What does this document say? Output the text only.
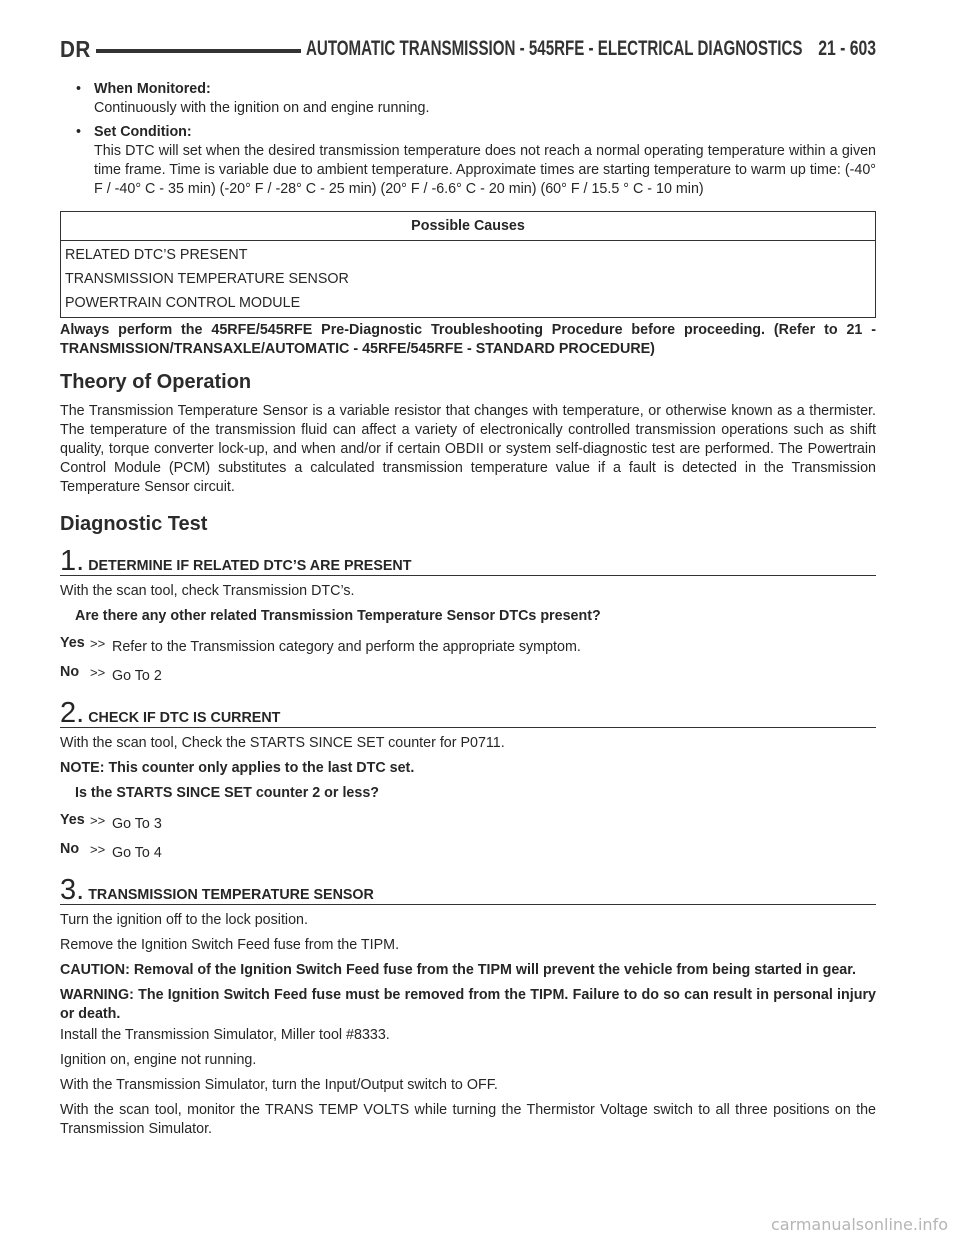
DR	AUTOMATIC TRANSMISSION - 545RFE - ELECTRICAL DIAGNOSTICS 21 - 603
• When Monitored:
Continuously with the ignition on and engine running.
• Set Condition:
This DTC will set when the desired transmission temperature does not reach a normal operating temperature within a given time frame. Time is variable due to ambient temperature. Approximate times are starting temperature to warm up time: (-40° F / -40° C - 35 min) (-20° F / -28° C - 25 min) (20° F / -6.6° C - 20 min) (60° F / 15.5 ° C - 10 min)
Possible Causes
RELATED DTC’S PRESENT
TRANSMISSION TEMPERATURE SENSOR
POWERTRAIN CONTROL MODULE

Always perform the 45RFE/545RFE Pre-Diagnostic Troubleshooting Procedure before proceeding. (Refer to 21 - TRANSMISSION/TRANSAXLE/AUTOMATIC - 45RFE/545RFE - STANDARD PROCEDURE)

Theory of Operation

The Transmission Temperature Sensor is a variable resistor that changes with temperature, or otherwise known as a thermister. The temperature of the transmission fluid can affect a variety of electronically controlled transmission operations such as shift quality, torque converter lock-up, and when and/or if certain OBDII or system self-diagnostic test are performed. The Powertrain Control Module (PCM) substitutes a calculated transmission temperature value if a fault is detected in the Transmission Temperature Sensor circuit.

Diagnostic Test
1. DETERMINE IF RELATED DTC’S ARE PRESENT

With the scan tool, check Transmission DTC’s.

Are there any other related Transmission Temperature Sensor DTCs present?
Yes >> Refer to the Transmission category and perform the appropriate symptom.
No >> Go To 2
2. CHECK IF DTC IS CURRENT

With the scan tool, Check the STARTS SINCE SET counter for P0711.

NOTE: This counter only applies to the last DTC set.

Is the STARTS SINCE SET counter 2 or less?
Yes >> Go To 3
No >> Go To 4
3. TRANSMISSION TEMPERATURE SENSOR

Turn the ignition off to the lock position.

Remove the Ignition Switch Feed fuse from the TIPM.

CAUTION: Removal of the Ignition Switch Feed fuse from the TIPM will prevent the vehicle from being started in gear.

WARNING: The Ignition Switch Feed fuse must be removed from the TIPM. Failure to do so can result in personal injury or death.

Install the Transmission Simulator, Miller tool #8333.

Ignition on, engine not running.

With the Transmission Simulator, turn the Input/Output switch to OFF.

With the scan tool, monitor the TRANS TEMP VOLTS while turning the Thermistor Voltage switch to all three positions on the Transmission Simulator.

carmanualsonline.info
